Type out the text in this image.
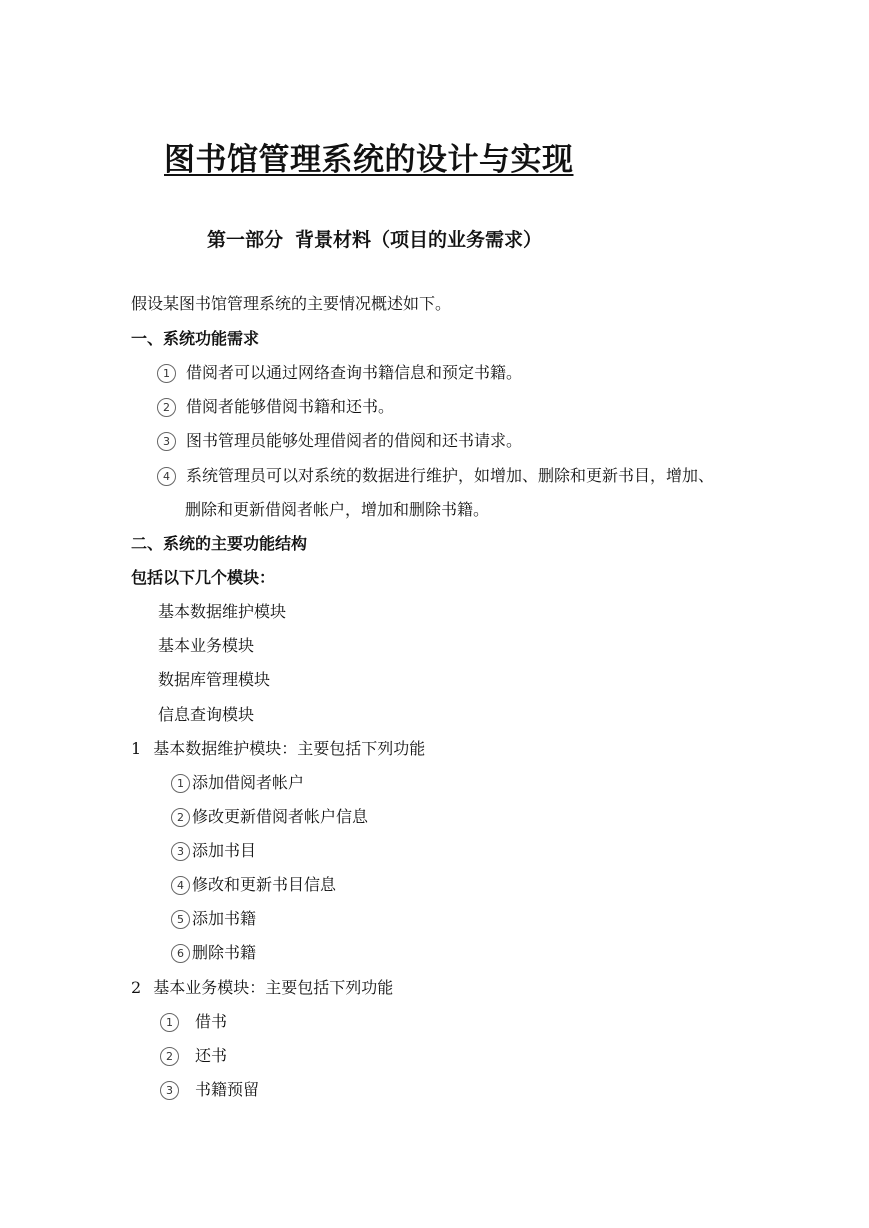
图书馆管理系统的设计与实现
第一部分 背景材料（项目的业务需求）
假设某图书馆管理系统的主要情况概述如下。
一、系统功能需求
1 借阅者可以通过网络查询书籍信息和预定书籍。
2 借阅者能够借阅书籍和还书。
3 图书管理员能够处理借阅者的借阅和还书请求。
4 系统管理员可以对系统的数据进行维护，如增加、删除和更新书目，增加、
删除和更新借阅者帐户，增加和删除书籍。
二、系统的主要功能结构
包括以下几个模块：
基本数据维护模块
基本业务模块
数据库管理模块
信息查询模块
1 基本数据维护模块：主要包括下列功能
1 添加借阅者帐户
2 修改更新借阅者帐户信息
3 添加书目
4 修改和更新书目信息
5 添加书籍
6 删除书籍
2 基本业务模块：主要包括下列功能
1 借书
2 还书
3 书籍预留
